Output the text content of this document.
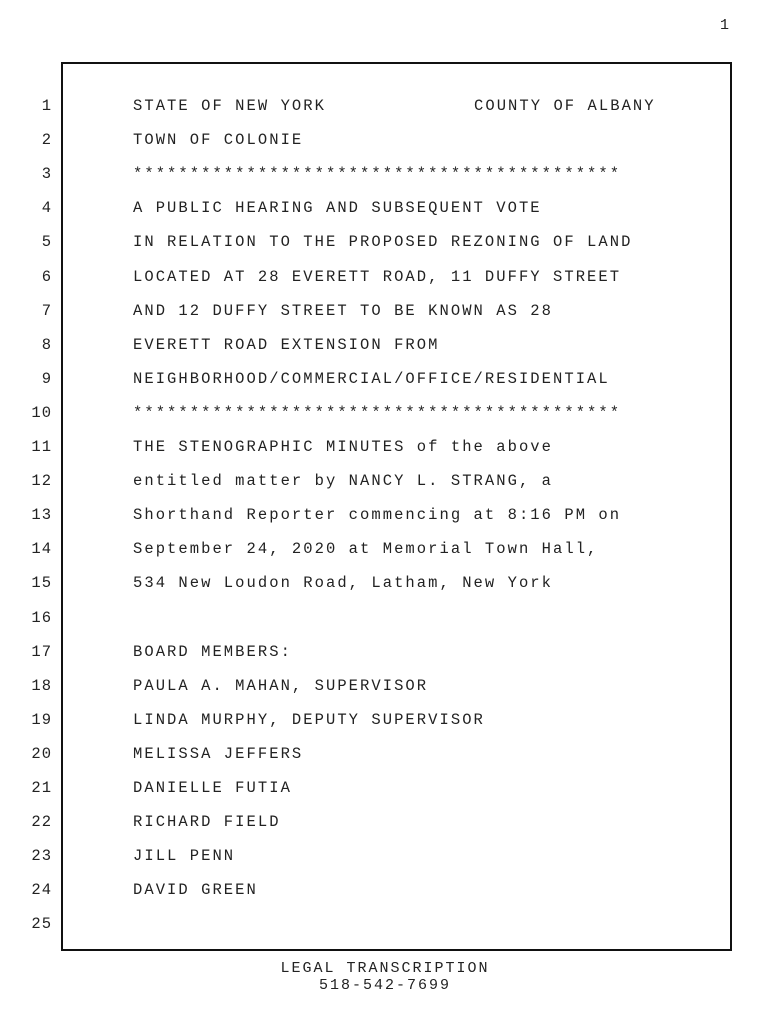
1
1	STATE OF NEW YORK	COUNTY OF ALBANY
2	TOWN OF COLONIE
3	*******************************************
4	A PUBLIC HEARING AND SUBSEQUENT VOTE
5	IN RELATION TO THE PROPOSED REZONING OF LAND
6	LOCATED AT 28 EVERETT ROAD, 11 DUFFY STREET
7	AND 12 DUFFY STREET TO BE KNOWN AS 28
8	EVERETT ROAD EXTENSION FROM
9	NEIGHBORHOOD/COMMERCIAL/OFFICE/RESIDENTIAL
10	*******************************************
11	THE STENOGRAPHIC MINUTES of the above
12	entitled matter by NANCY L. STRANG, a
13	Shorthand Reporter commencing at 8:16 PM on
14	September 24, 2020 at Memorial Town Hall,
15	534 New Loudon Road, Latham, New York
16
17	BOARD MEMBERS:
18	PAULA A. MAHAN, SUPERVISOR
19	LINDA MURPHY, DEPUTY SUPERVISOR
20	MELISSA JEFFERS
21	DANIELLE FUTIA
22	RICHARD FIELD
23	JILL PENN
24	DAVID GREEN
25
LEGAL TRANSCRIPTION
518-542-7699
